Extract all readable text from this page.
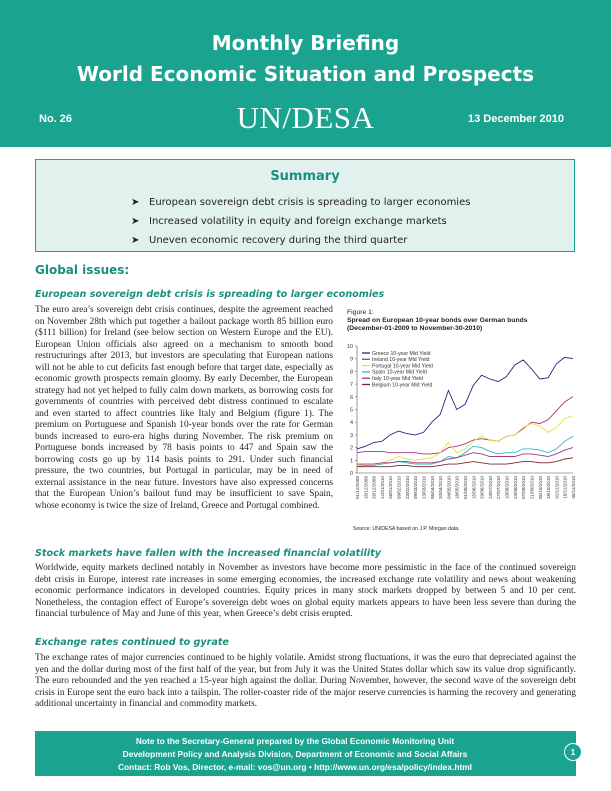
Monthly Briefing
World Economic Situation and Prospects
UN/DESA
No. 26	13 December 2010
Summary
➤ European sovereign debt crisis is spreading to larger economies
➤ Increased volatility in equity and foreign exchange markets
➤ Uneven economic recovery during the third quarter
Global issues:
European sovereign debt crisis is spreading to larger economies
The euro area’s sovereign debt crisis continues, despite the agreement reached on November 28th which put together a bailout package worth 85 billion euro ($111 billion) for Ireland (see below section on Western Europe and the EU). European Union officials also agreed on a mechanism to smooth bond restructurings after 2013, but investors are speculating that European nations will not be able to cut deficits fast enough before that target date, especially as economic growth prospects remain gloomy. By early December, the European strategy had not yet helped to fully calm down markets, as borrowing costs for governments of countries with perceived debt distress continued to escalate and even started to affect countries like Italy and Belgium (figure 1). The premium on Portuguese and Spanish 10-year bonds over the rate for German bunds increased to euro-era highs during November. The risk premium on Portuguese bonds increased by 78 basis points to 447 and Spain saw the borrowing costs go up by 114 basis points to 291. Under such financial pressure, the two countries, but Portugal in particular, may be in need of external assistance in the near future. Investors have also expressed concerns that the European Union’s bailout fund may be insufficient to save Spain, whose economy is twice the size of Ireland, Greece and Portugal combined.
Figure 1:
Spread on European 10-year bonds over German bunds
(December-01-2009 to November-30-2010)
0
1
2
3
4
5
6
7
8
9
10
01/12/2009 15/12/2009 29/12/2009 12/01/2010 26/01/2010 09/02/2010 23/02/2010 09/03/2010 23/03/2010 06/04/2010 20/04/2010 04/05/2010 18/05/2010 01/06/2010 15/06/2010 29/06/2010 13/07/2010 27/07/2010 10/08/2010 24/08/2010 07/09/2010 21/09/2010 05/10/2010 19/10/2010 02/11/2010 16/11/2010 30/11/2010
Greece 10-year Mid Yield
Ireland 10-year Mid Yield
Portugal 10-year Mid Yield
Spain 10-year Mid Yield
Italy 10-year Mid Yield
Belgium 10-year Mid Yield
Source: UN/DESA based on J.P. Morgan data.
Stock markets have fallen with the increased financial volatility
Worldwide, equity markets declined notably in November as investors have become more pessimistic in the face of the continued sovereign debt crisis in Europe, interest rate increases in some emerging economies, the increased exchange rate volatility and news about weakening economic performance indicators in developed countries. Equity prices in many stock markets dropped by between 5 and 10 per cent. Nonetheless, the contagion effect of Europe’s sovereign debt woes on global equity markets appears to have been less severe than during the financial turbulence of May and June of this year, when Greece’s debt crisis erupted.
Exchange rates continued to gyrate
The exchange rates of major currencies continued to be highly volatile. Amidst strong fluctuations, it was the euro that depreciated against the yen and the dollar during most of the first half of the year, but from July it was the United States dollar which saw its value drop significantly. The euro rebounded and the yen reached a 15-year high against the dollar. During November, however, the second wave of the sovereign debt crisis in Europe sent the euro back into a tailspin. The roller-coaster ride of the major reserve currencies is harming the recovery and generating additional uncertainty in financial and commodity markets.
Note to the Secretary-General prepared by the Global Economic Monitoring Unit
Development Policy and Analysis Division, Department of Economic and Social Affairs
Contact: Rob Vos, Director, e-mail: vos@un.org • http://www.un.org/esa/policy/index.html
1
